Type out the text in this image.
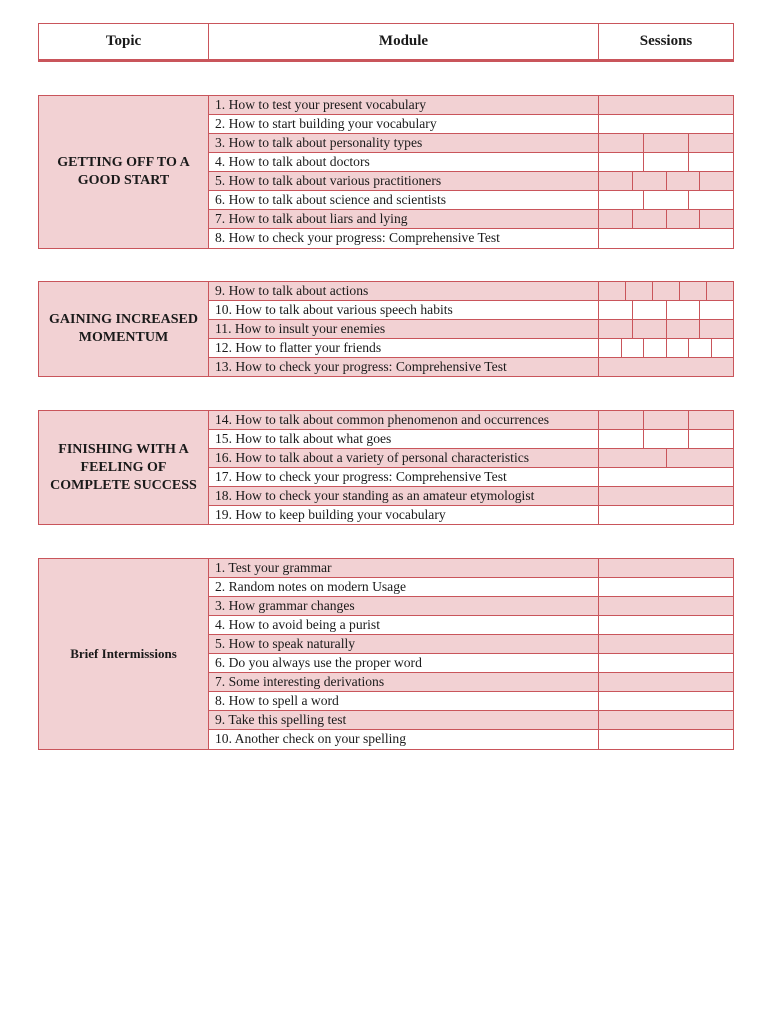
Topic	Module	Sessions
GETTING OFF TO A GOOD START
1. How to test your present vocabulary
2. How to start building your vocabulary
3. How to talk about personality types
4. How to talk about doctors
5. How to talk about various practitioners
6. How to talk about science and scientists
7. How to talk about liars and lying
8. How to check your progress: Comprehensive Test
GAINING INCREASED MOMENTUM
9. How to talk about actions
10. How to talk about various speech habits
11. How to insult your enemies
12. How to flatter your friends
13. How to check your progress: Comprehensive Test
FINISHING WITH A FEELING OF COMPLETE SUCCESS
14. How to talk about common phenomenon and occurrences
15. How to talk about what goes
16. How to talk about a variety of personal characteristics
17. How to check your progress: Comprehensive Test
18. How to check your standing as an amateur etymologist
19. How to keep building your vocabulary
Brief Intermissions
1. Test your grammar
2. Random notes on modern Usage
3. How grammar changes
4. How to avoid being a purist
5. How to speak naturally
6. Do you always use the proper word
7. Some interesting derivations
8. How to spell a word
9. Take this spelling test
10. Another check on your spelling
